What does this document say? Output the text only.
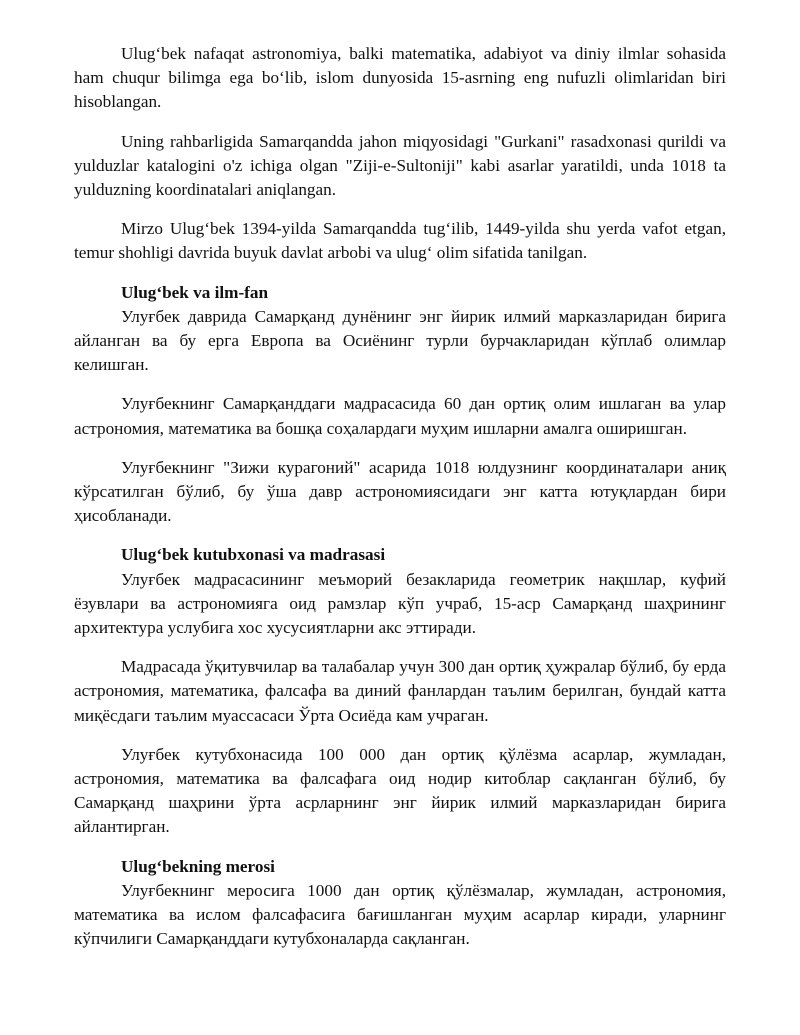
Ulug‘bek nafaqat astronomiya, balki matematika, adabiyot va diniy ilmlar sohasida ham chuqur bilimga ega bo‘lib, islom dunyosida 15-asrning eng nufuzli olimlaridan biri hisoblangan.

Uning rahbarligida Samarqandda jahon miqyosidagi "Gurkani" rasadxonasi qurildi va yulduzlar katalogini o'z ichiga olgan "Ziji-e-Sultoniji" kabi asarlar yaratildi, unda 1018 ta yulduzning koordinatalari aniqlangan.

Mirzo Ulug‘bek 1394-yilda Samarqandda tug‘ilib, 1449-yilda shu yerda vafot etgan, temur shohligi davrida buyuk davlat arbobi va ulug‘ olim sifatida tanilgan.

Ulug‘bek va ilm-fan

Улуғбек даврида Самарқанд дунёнинг энг йирик илмий марказларидан бирига айланган ва бу ерга Европа ва Осиёнинг турли бурчакларидан кўплаб олимлар келишган.

Улуғбекнинг Самарқанддаги мадрасасида 60 дан ортиқ олим ишлаган ва улар астрономия, математика ва бошқа соҳалардаги муҳим ишларни амалга оширишган.

Улуғбекнинг "Зижи курагоний" асарида 1018 юлдузнинг координаталари аниқ кўрсатилган бўлиб, бу ўша давр астрономиясидаги энг катта ютуқлардан бири ҳисобланади.

Ulug‘bek kutubxonasi va madrasasi

Улуғбек мадрасасининг меъморий безакларида геометрик нақшлар, куфий ёзувлари ва астрономияга оид рамзлар кўп учраб, 15-аср Самарқанд шаҳрининг архитектура услубига хос хусусиятларни акс эттиради.

Мадрасада ўқитувчилар ва талабалар учун 300 дан ортиқ ҳужралар бўлиб, бу ерда астрономия, математика, фалсафа ва диний фанлардан таълим берилган, бундай катта миқёсдаги таълим муассасаси Ўрта Осиёда кам учраган.

Улуғбек кутубхонасида 100 000 дан ортиқ қўлёзма асарлар, жумладан, астрономия, математика ва фалсафага оид нодир китоблар сақланган бўлиб, бу Самарқанд шаҳрини ўрта асрларнинг энг йирик илмий марказларидан бирига айлантирган.

Ulug‘bekning merosi

Улуғбекнинг меросига 1000 дан ортиқ қўлёзмалар, жумладан, астрономия, математика ва ислом фалсафасига бағишланган муҳим асарлар киради, уларнинг кўпчилиги Самарқанддаги кутубхоналарда сақланган.
